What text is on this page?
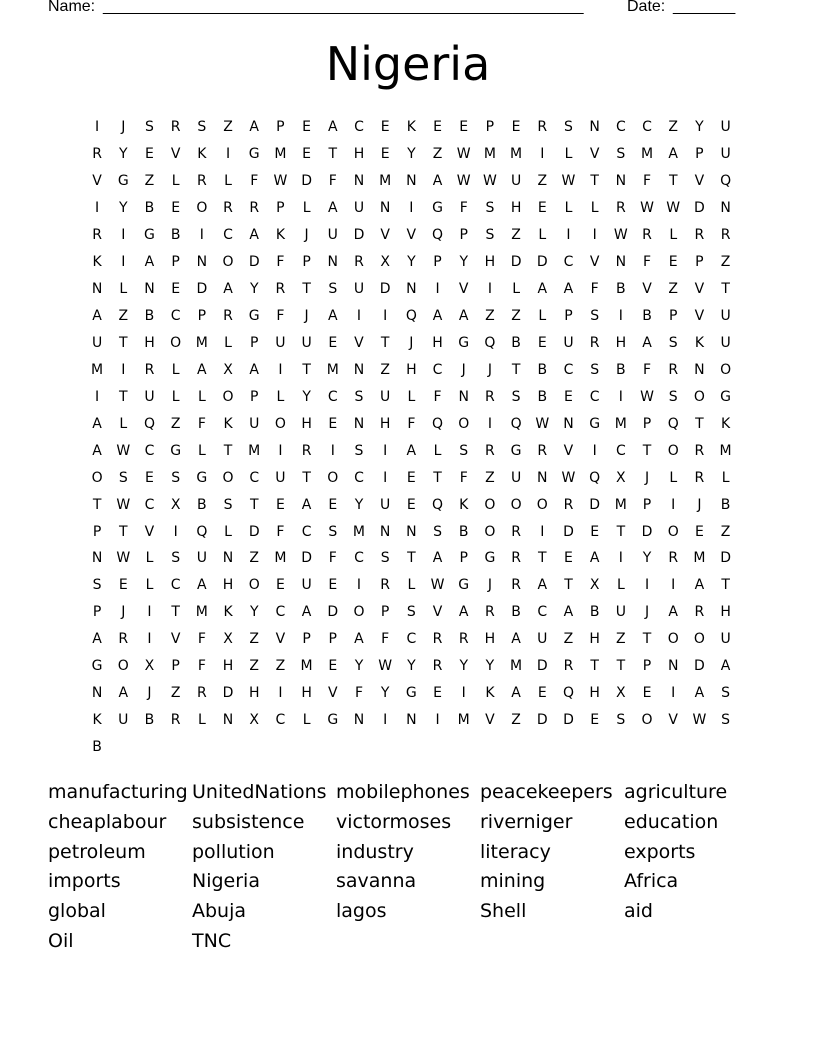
Name: ______________________________________________________	Date: _______
Nigeria
I	J	S	R	S	Z	A	P	E	A	C	E	K	E	E	P	E	R	S	N	C	C	Z	Y	U
R	Y	E	V	K	I	G	M	E	T	H	E	Y	Z	W M	M	I	L	V	S	M	A	P	U
V	G	Z	L	R	L	F	W D	F	N	M	N	A	W W	U	Z	W	T	N	F	T	V	Q
I	Y	B	E	O	R	R	P	L	A	U	N	I	G	F	S	H	E	L	L	R	W W D	N
R	I	G	B	I	C	A	K	J	U	D	V	V	Q	P	S	Z	L	I	I	W	R	L	R	R
K	I	A	P	N	O	D	F	P	N	R	X	Y	P	Y	H	D	D	C	V	N	F	E	P	Z
N	L	N	E	D	A	Y	R	T	S	U	D	N	I	V	I	L	A	A	F	B	V	Z	V	T
A	Z	B	C	P	R	G	F	J	A	I	I	Q	A	A	Z	Z	L	P	S	I	B	P	V	U
U	T	H	O	M	L	P	U	U	E	V	T	J	H	G	Q	B	E	U	R	H	A	S	K	U
M	I	R	L	A	X	A	I	T	M	N	Z	H	C	J	J	T	B	C	S	B	F	R	N	O
I	T	U	L	L	O	P	L	Y	C	S	U	L	F	N	R	S	B	E	C	I	W	S	O	G
A	L	Q	Z	F	K	U	O	H	E	N	H	F	Q	O	I	Q W	N	G	M	P	Q	T	K
A	W	C	G	L	T	M	I	R	I	S	I	A	L	S	R	G	R	V	I	C	T	O	R	M
O	S	E	S	G	O	C	U	T	O	C	I	E	T	F	Z	U	N	W Q	X	J	L	R	L
T	W	C	X	B	S	T	E	A	E	Y	U	E	Q	K	O	O	O	R	D	M	P	I	J	B
P	T	V	I	Q	L	D	F	C	S	M	N	N	S	B	O	R	I	D	E	T	D	O	E	Z
N	W	L	S	U	N	Z	M	D	F	C	S	T	A	P	G	R	T	E	A	I	Y	R	M	D
S	E	L	C	A	H	O	E	U	E	I	R	L	W G	J	R	A	T	X	L	I	I	A	T
P	J	I	T	M	K	Y	C	A	D	O	P	S	V	A	R	B	C	A	B	U	J	A	R	H
A	R	I	V	F	X	Z	V	P	P	A	F	C	R	R	H	A	U	Z	H	Z	T	O	O	U
G	O	X	P	F	H	Z	Z	M	E	Y	W	Y	R	Y	Y	M	D	R	T	T	P	N	D	A
N	A	J	Z	R	D	H	I	H	V	F	Y	G	E	I	K	A	E	Q	H	X	E	I	A	S
K	U	B	R	L	N	X	C	L	G	N	I	N	I	M	V	Z	D	D	E	S	O	V	W	S
B
manufacturing UnitedNations mobilephones peacekeepers agriculture
cheaplabour	subsistence	victormoses	riverniger	education
petroleum	pollution	industry	literacy	exports
imports	Nigeria	savanna	mining	Africa
global	Abuja	lagos	Shell	aid
Oil	TNC
